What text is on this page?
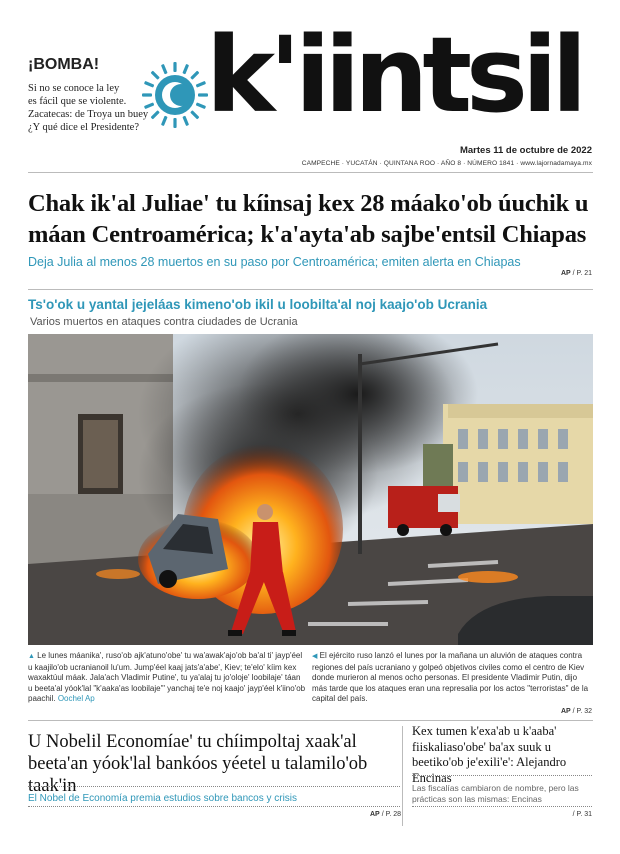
¡BOMBA!
Si no se conoce la ley
es fácil que se violente.
Zacatecas: de Troya un buey
¿Y qué dice el Presidente? k'iintsil
Martes 11 de octubre de 2022
CAMPECHE · YUCATÁN · QUINTANA ROO · AÑO 8 · NÚMERO 1841 · www.lajornadamaya.mx
Chak ik'al Juliae' tu kíinsaj kex 28 máako'ob úuchik u máan Centroamérica; k'a'ayta'ab sajbe'entsil Chiapas
Deja Julia al menos 28 muertos en su paso por Centroamérica; emiten alerta en Chiapas
AP / P. 21
Ts'o'ok u yantal jejeláas kimeno'ob ikil u loobilta'al noj kaajo'ob Ucrania
Varios muertos en ataques contra ciudades de Ucrania
▲ Le lunes máanika', ruso'ob ajk'atuno'obe' tu wa'awak'ajo'ob ba'al ti' jayp'éel u kaajilo'ob ucranianoil lu'um. Jump'éel kaaj jats'a'abe', Kiev; te'elo' kíim kex waxaktúul máak. Jala'ach Vladimir Putine', tu ya'alaj tu jo'oloje' loobilaje' táan u beeta'al yóok'lal "k'aaka'as loobilaje'" yanchaj te'e noj kaajo' jayp'éel k'iino'ob paachil. Oochel Ap
◀ El ejército ruso lanzó el lunes por la mañana un aluvión de ataques contra regiones del país ucraniano y golpeó objetivos civiles como el centro de Kiev donde murieron al menos ocho personas. El presidente Vladimir Putin, dijo más tarde que los ataques eran una represalia por los actos "terroristas" de la capital del país.
AP / P. 32
U Nobelil Economíae' tu chíimpoltaj xaak'al beeta'an yóok'lal bankóos yéetel u talamilo'ob taak'in
El Nobel de Economía premia estudios sobre bancos y crisis
AP / P. 28
Kex tumen k'exa'ab u k'aaba' fiiskaliaso'obe' ba'ax suuk u beetiko'ob je'exili'e': Alejandro Encinas
Las fiscalías cambiaron de nombre, pero las prácticas son las mismas: Encinas
/ P. 31
